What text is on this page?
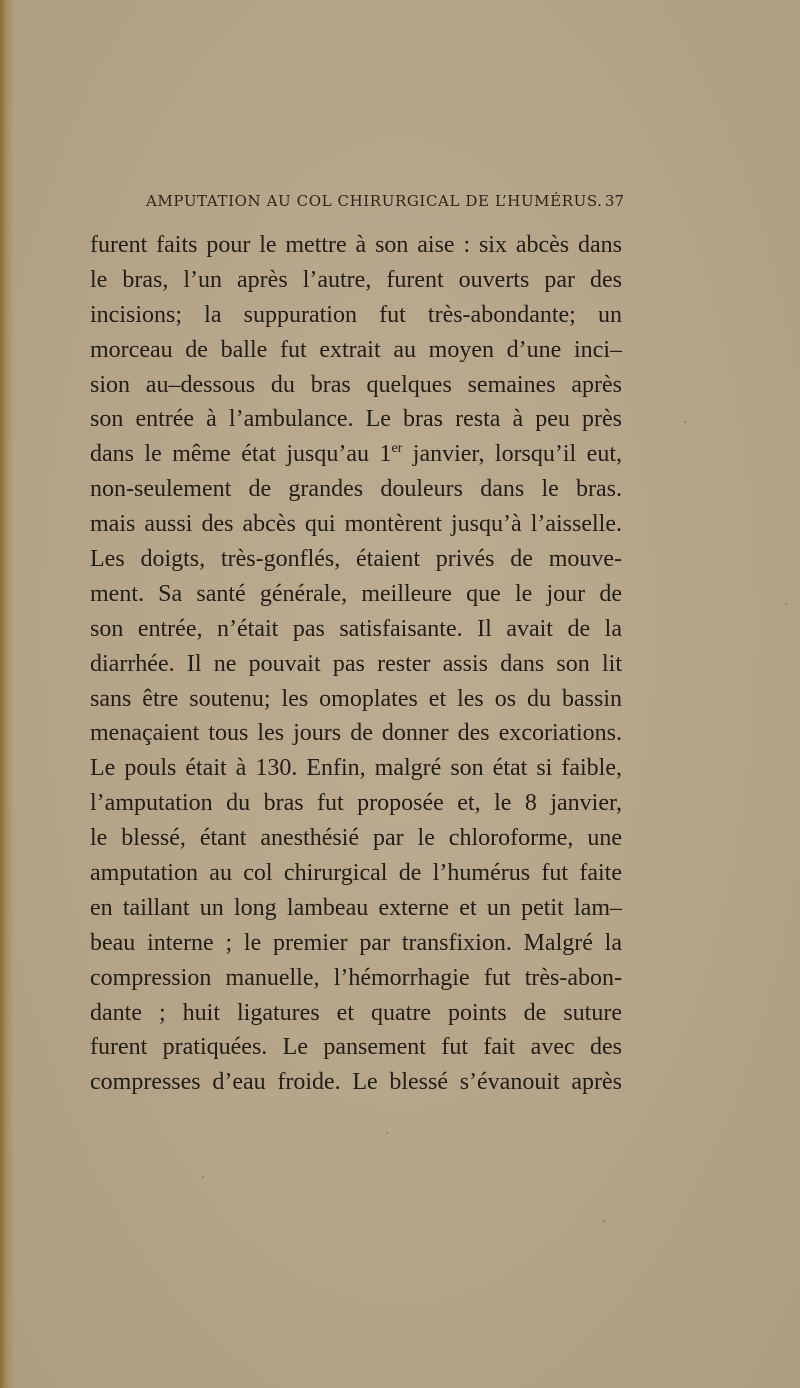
AMPUTATION AU COL CHIRURGICAL DE L’HUMÉRUS. 37
furent faits pour le mettre à son aise : six abcès dans
le bras, l’un après l’autre, furent ouverts par des
incisions; la suppuration fut très-abondante; un
morceau de balle fut extrait au moyen d’une inci–
sion au–dessous du bras quelques semaines après
son entrée à l’ambulance. Le bras resta à peu près
dans le même état jusqu’au 1er janvier, lorsqu’il eut,
non-seulement de grandes douleurs dans le bras.
mais aussi des abcès qui montèrent jusqu’à l’aisselle.
Les doigts, très-gonflés, étaient privés de mouve-
ment. Sa santé générale, meilleure que le jour de
son entrée, n’était pas satisfaisante. Il avait de la
diarrhée. Il ne pouvait pas rester assis dans son lit
sans être soutenu; les omoplates et les os du bassin
menaçaient tous les jours de donner des excoriations.
Le pouls était à 130. Enfin, malgré son état si faible,
l’amputation du bras fut proposée et, le 8 janvier,
le blessé, étant anesthésié par le chloroforme, une
amputation au col chirurgical de l’humérus fut faite
en taillant un long lambeau externe et un petit lam–
beau interne ; le premier par transfixion. Malgré la
compression manuelle, l’hémorrhagie fut très-abon-
dante ; huit ligatures et quatre points de suture
furent pratiquées. Le pansement fut fait avec des
compresses d’eau froide. Le blessé s’évanouit après
